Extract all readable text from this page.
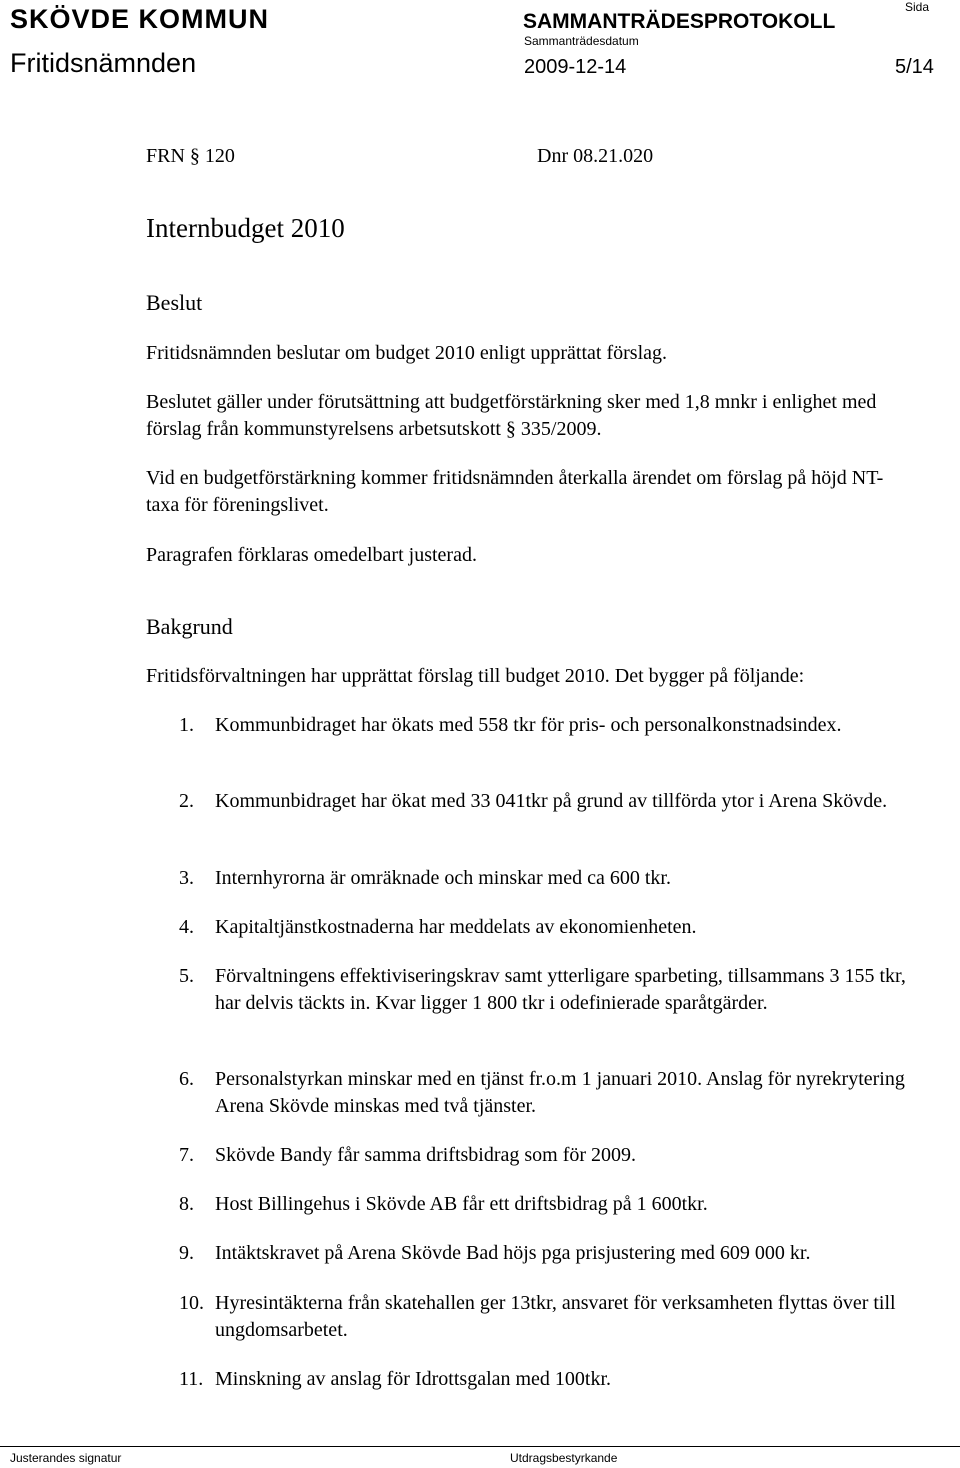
SKÖVDE KOMMUN	SAMMANTRÄDESPROTOKOLL
Sida
Sammanträdesdatum
Fritidsnämnden	2009-12-14	5/14
FRN § 120	Dnr 08.21.020
Internbudget 2010
Beslut
Fritidsnämnden beslutar om budget 2010 enligt upprättat förslag.
Beslutet gäller under förutsättning att budgetförstärkning sker med 1,8 mnkr i enlighet med förslag från kommunstyrelsens arbetsutskott § 335/2009.
Vid en budgetförstärkning kommer fritidsnämnden återkalla ärendet om förslag på höjd NT-taxa för föreningslivet.
Paragrafen förklaras omedelbart justerad.
Bakgrund
Fritidsförvaltningen har upprättat förslag till budget 2010. Det bygger på följande:
1. Kommunbidraget har ökats med 558 tkr för pris- och personalkonstnadsindex.
2. Kommunbidraget har ökat med 33 041tkr på grund av tillförda ytor i Arena Skövde.
3. Internhyrorna är omräknade och minskar med ca 600 tkr.
4. Kapitaltjänstkostnaderna har meddelats av ekonomienheten.
5. Förvaltningens effektiviseringskrav samt ytterligare sparbeting, tillsammans 3 155 tkr, har delvis täckts in. Kvar ligger 1 800 tkr i odefinierade sparåtgärder.
6. Personalstyrkan minskar med en tjänst fr.o.m 1 januari 2010. Anslag för nyrekrytering Arena Skövde minskas med två tjänster.
7. Skövde Bandy får samma driftsbidrag som för 2009.
8. Host Billingehus i Skövde AB får ett driftsbidrag på 1 600tkr.
9. Intäktskravet på Arena Skövde Bad höjs pga prisjustering med 609 000 kr.
10. Hyresintäkterna från skatehallen ger 13tkr, ansvaret för verksamheten flyttas över till ungdomsarbetet.
11. Minskning av anslag för Idrottsgalan med 100tkr.
Justerandes signatur	Utdragsbestyrkande
